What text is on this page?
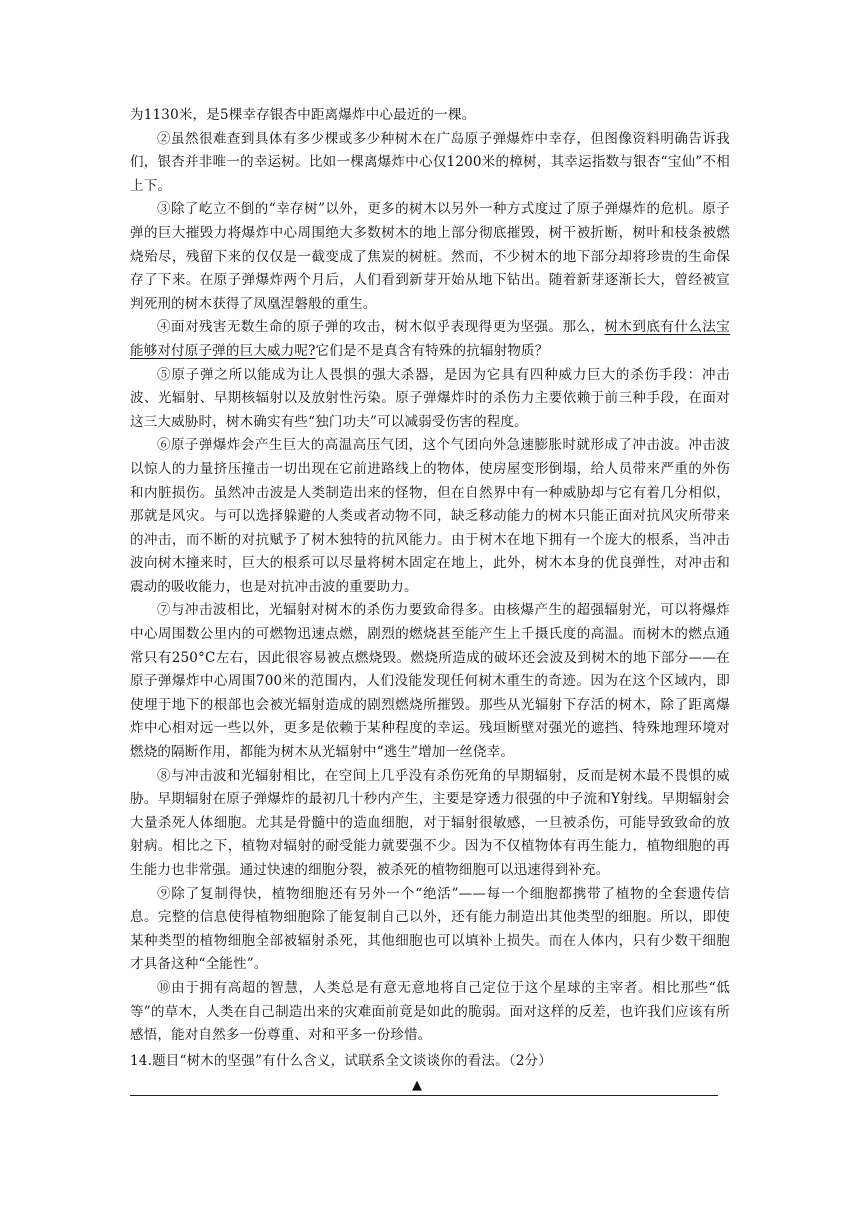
为1130米，是5棵幸存银杏中距离爆炸中心最近的一棵。

②虽然很难查到具体有多少棵或多少种树木在广岛原子弹爆炸中幸存，但图像资料明确告诉我们，银杏并非唯一的幸运树。比如一棵离爆炸中心仅1200米的樟树，其幸运指数与银杏“宝仙”不相上下。

③除了屹立不倒的“幸存树”以外，更多的树木以另外一种方式度过了原子弹爆炸的危机。原子弹的巨大摧毁力将爆炸中心周围绝大多数树木的地上部分彻底摧毁，树干被折断，树叶和枝条被燃烧殆尽，残留下来的仅仅是一截变成了焦炭的树桩。然而，不少树木的地下部分却将珍贵的生命保存了下来。在原子弹爆炸两个月后，人们看到新芽开始从地下钻出。随着新芽逐渐长大，曾经被宣判死刑的树木获得了凤凰涅磐般的重生。

④面对残害无数生命的原子弹的攻击，树木似乎表现得更为坚强。那么，树木到底有什么法宝能够对付原子弹的巨大威力呢?它们是不是真含有特殊的抗辐射物质？

⑤原子弹之所以能成为让人畏惧的强大杀器，是因为它具有四种威力巨大的杀伤手段：冲击波、光辐射、早期核辐射以及放射性污染。原子弹爆炸时的杀伤力主要依赖于前三种手段，在面对这三大威胁时，树木确实有些“独门功夫”可以减弱受伤害的程度。

⑥原子弹爆炸会产生巨大的高温高压气团，这个气团向外急速膨胀时就形成了冲击波。冲击波以惊人的力量挤压撞击一切出现在它前进路线上的物体，使房屋变形倒塌，给人员带来严重的外伤和内脏损伤。虽然冲击波是人类制造出来的怪物，但在自然界中有一种威胁却与它有着几分相似，那就是风灾。与可以选择躲避的人类或者动物不同，缺乏移动能力的树木只能正面对抗风灾所带来的冲击，而不断的对抗赋予了树木独特的抗风能力。由于树木在地下拥有一个庞大的根系，当冲击波向树木撞来时，巨大的根系可以尽量将树木固定在地上，此外，树木本身的优良弹性，对冲击和震动的吸收能力，也是对抗冲击波的重要助力。

⑦与冲击波相比，光辐射对树木的杀伤力要致命得多。由核爆产生的超强辐射光，可以将爆炸中心周围数公里内的可燃物迅速点燃，剧烈的燃烧甚至能产生上千摄氏度的高温。而树木的燃点通常只有250°C左右，因此很容易被点燃烧毁。燃烧所造成的破坏还会波及到树木的地下部分——在原子弹爆炸中心周围700米的范围内，人们没能发现任何树木重生的奇迹。因为在这个区域内，即使埋于地下的根部也会被光辐射造成的剧烈燃烧所摧毁。那些从光辐射下存活的树木，除了距离爆炸中心相对远一些以外，更多是依赖于某种程度的幸运。残垣断壁对强光的遮挡、特殊地理环境对燃烧的隔断作用，都能为树木从光辐射中“逃生”增加一丝侥幸。

⑧与冲击波和光辐射相比，在空间上几乎没有杀伤死角的早期辐射，反而是树木最不畏惧的威胁。早期辐射在原子弹爆炸的最初几十秒内产生，主要是穿透力很强的中子流和Y射线。早期辐射会大量杀死人体细胞。尤其是骨髓中的造血细胞，对于辐射很敏感，一旦被杀伤，可能导致致命的放射病。相比之下，植物对辐射的耐受能力就要强不少。因为不仅植物体有再生能力，植物细胞的再生能力也非常强。通过快速的细胞分裂，被杀死的植物细胞可以迅速得到补充。

⑨除了复制得快，植物细胞还有另外一个“绝活”——每一个细胞都携带了植物的全套遗传信息。完整的信息使得植物细胞除了能复制自己以外，还有能力制造出其他类型的细胞。所以，即使某种类型的植物细胞全部被辐射杀死，其他细胞也可以填补上损失。而在人体内，只有少数干细胞才具备这种“全能性”。

⑩由于拥有高超的智慧，人类总是有意无意地将自己定位于这个星球的主宰者。相比那些“低等”的草木，人类在自己制造出来的灾难面前竟是如此的脆弱。面对这样的反差，也许我们应该有所感悟，能对自然多一份尊重、对和平多一份珍惜。

14.题目“树木的坚强”有什么含义，试联系全文谈谈你的看法。（2分）

▲
